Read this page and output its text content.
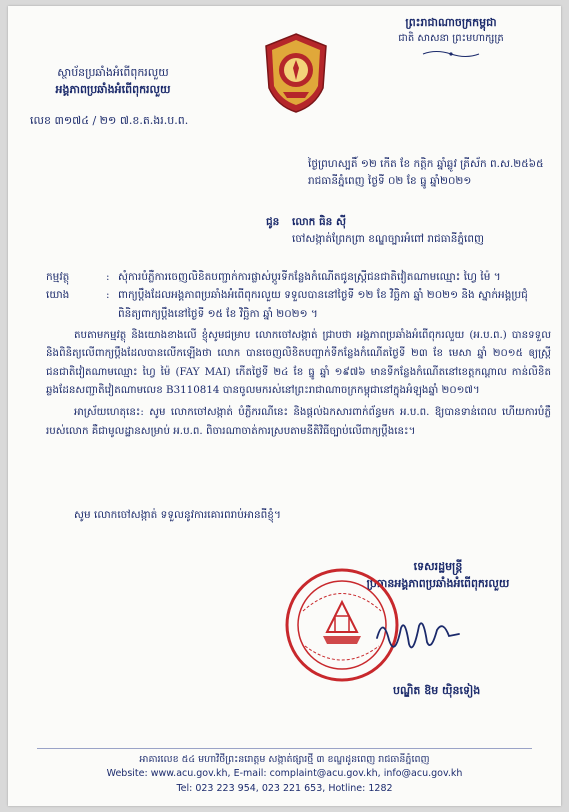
ព្រះរាជាណាចក្រកម្ពុជា
ជាតិ សាសនា ព្រះមហាក្សត្រ
ស្ថាប័នប្រឆាំងអំពើពុករលួយ
អង្គភាពប្រឆាំងអំពើពុករលួយ
លេខ ៣១៧៤ / ២១ ៧.ខ.ត.ងរ.ប.ព.
ថ្ងៃព្រហស្បតិ៍ ១២ កើត ខែ កត្តិក ឆ្នាំឆ្លូវ ត្រីស័ក ព.ស.២៥៦៥
រាជធានីភ្នំពេញ ថ្ងៃទី ០២ ខែ ធ្នូ ឆ្នាំ២០២១
ជូន លោក ធិន ស៊ី
ចៅសង្កាត់ព្រែកព្រា ខណ្ឌច្បារអំពៅ រាជធានីភ្នំពេញ
កម្មវត្ថុ	: សុំការបំភ្លឺការចេញលិខិតបញ្ជាក់ការផ្លាស់ប្ដូរទីកន្លែងកំណើតជូនស្ត្រីជនជាតិវៀតណាមឈ្មោះ ហ្វៃ ម៉ៃ ។
យោង	: ពាក្យប្ដឹងដែលអង្គភាពប្រឆាំងអំពើពុករលួយ ទទួលបាននៅថ្ងៃទី ១២ ខែ វិច្ឆិកា ឆ្នាំ ២០២១ និង ស្នាក់អង្គប្រជុំពិនិត្យពាក្យប្ដឹងនៅថ្ងៃទី ១៥ ខែ វិច្ឆិកា ឆ្នាំ ២០២១ ។

តបតាមកម្មវត្ថុ និងយោងខាងលើ ខ្ញុំសូមជម្រាប លោកចៅសង្កាត់ ជ្រាបថា អង្គភាពប្រឆាំងអំពើពុករលួយ (អ.ប.ព.) បានទទួល និងពិនិត្យលើពាក្យប្ដឹងដែលបានលើកឡើងថា លោក បានចេញលិខិតបញ្ជាក់ទីកន្លែងកំណើតថ្ងៃទី ២៣ ខែ មេសា ឆ្នាំ ២០១៥ ឲ្យស្ត្រីជនជាតិវៀតណាមឈ្មោះ ហ្វៃ ម៉ៃ (FAY MAI) កើតថ្ងៃទី ២៤ ខែ ធ្នូ ឆ្នាំ ១៩៧៦ មានទីកន្លែងកំណើតនៅខេត្តកណ្ដាល កាន់លិខិតឆ្លងដែនសញ្ជាតិវៀតណាមលេខ B3110814 បានចូលមករស់នៅព្រះរាជាណាចក្រកម្ពុជានៅក្នុងអំឡុងឆ្នាំ ២០១៧។

អាស្រ័យហេតុនេះ: សូម លោកចៅសង្កាត់ បំភ្លឺករណីនេះ និងផ្ដល់ឯកសារពាក់ព័ន្ធមក អ.ប.ព. ឱ្យបានទាន់ពេល ហើយការបំភ្លឺរបស់លោក គឺជាមូលដ្ឋានសម្រាប់ អ.ប.ព. ពិចារណាចាត់ការស្របតាមនីតិវិធីច្បាប់លើពាក្យប្ដឹងនេះ។

សូម លោកចៅសង្កាត់ ទទួលនូវការគោរពរាប់អានពីខ្ញុំ។
ទេសរដ្ឋមន្ត្រី
ប្រធានអង្គភាពប្រឆាំងអំពើពុករលួយ
បណ្ឌិត ឱម យ៉ិនទៀង
អាគារលេខ ៥៤ មហាវិថីព្រះនរោត្តម សង្កាត់ផ្សារថ្មី ៣ ខណ្ឌដូនពេញ រាជធានីភ្នំពេញ
Website: www.acu.gov.kh, E-mail: complaint@acu.gov.kh, info@acu.gov.kh
Tel: 023 223 954, 023 221 653, Hotline: 1282
